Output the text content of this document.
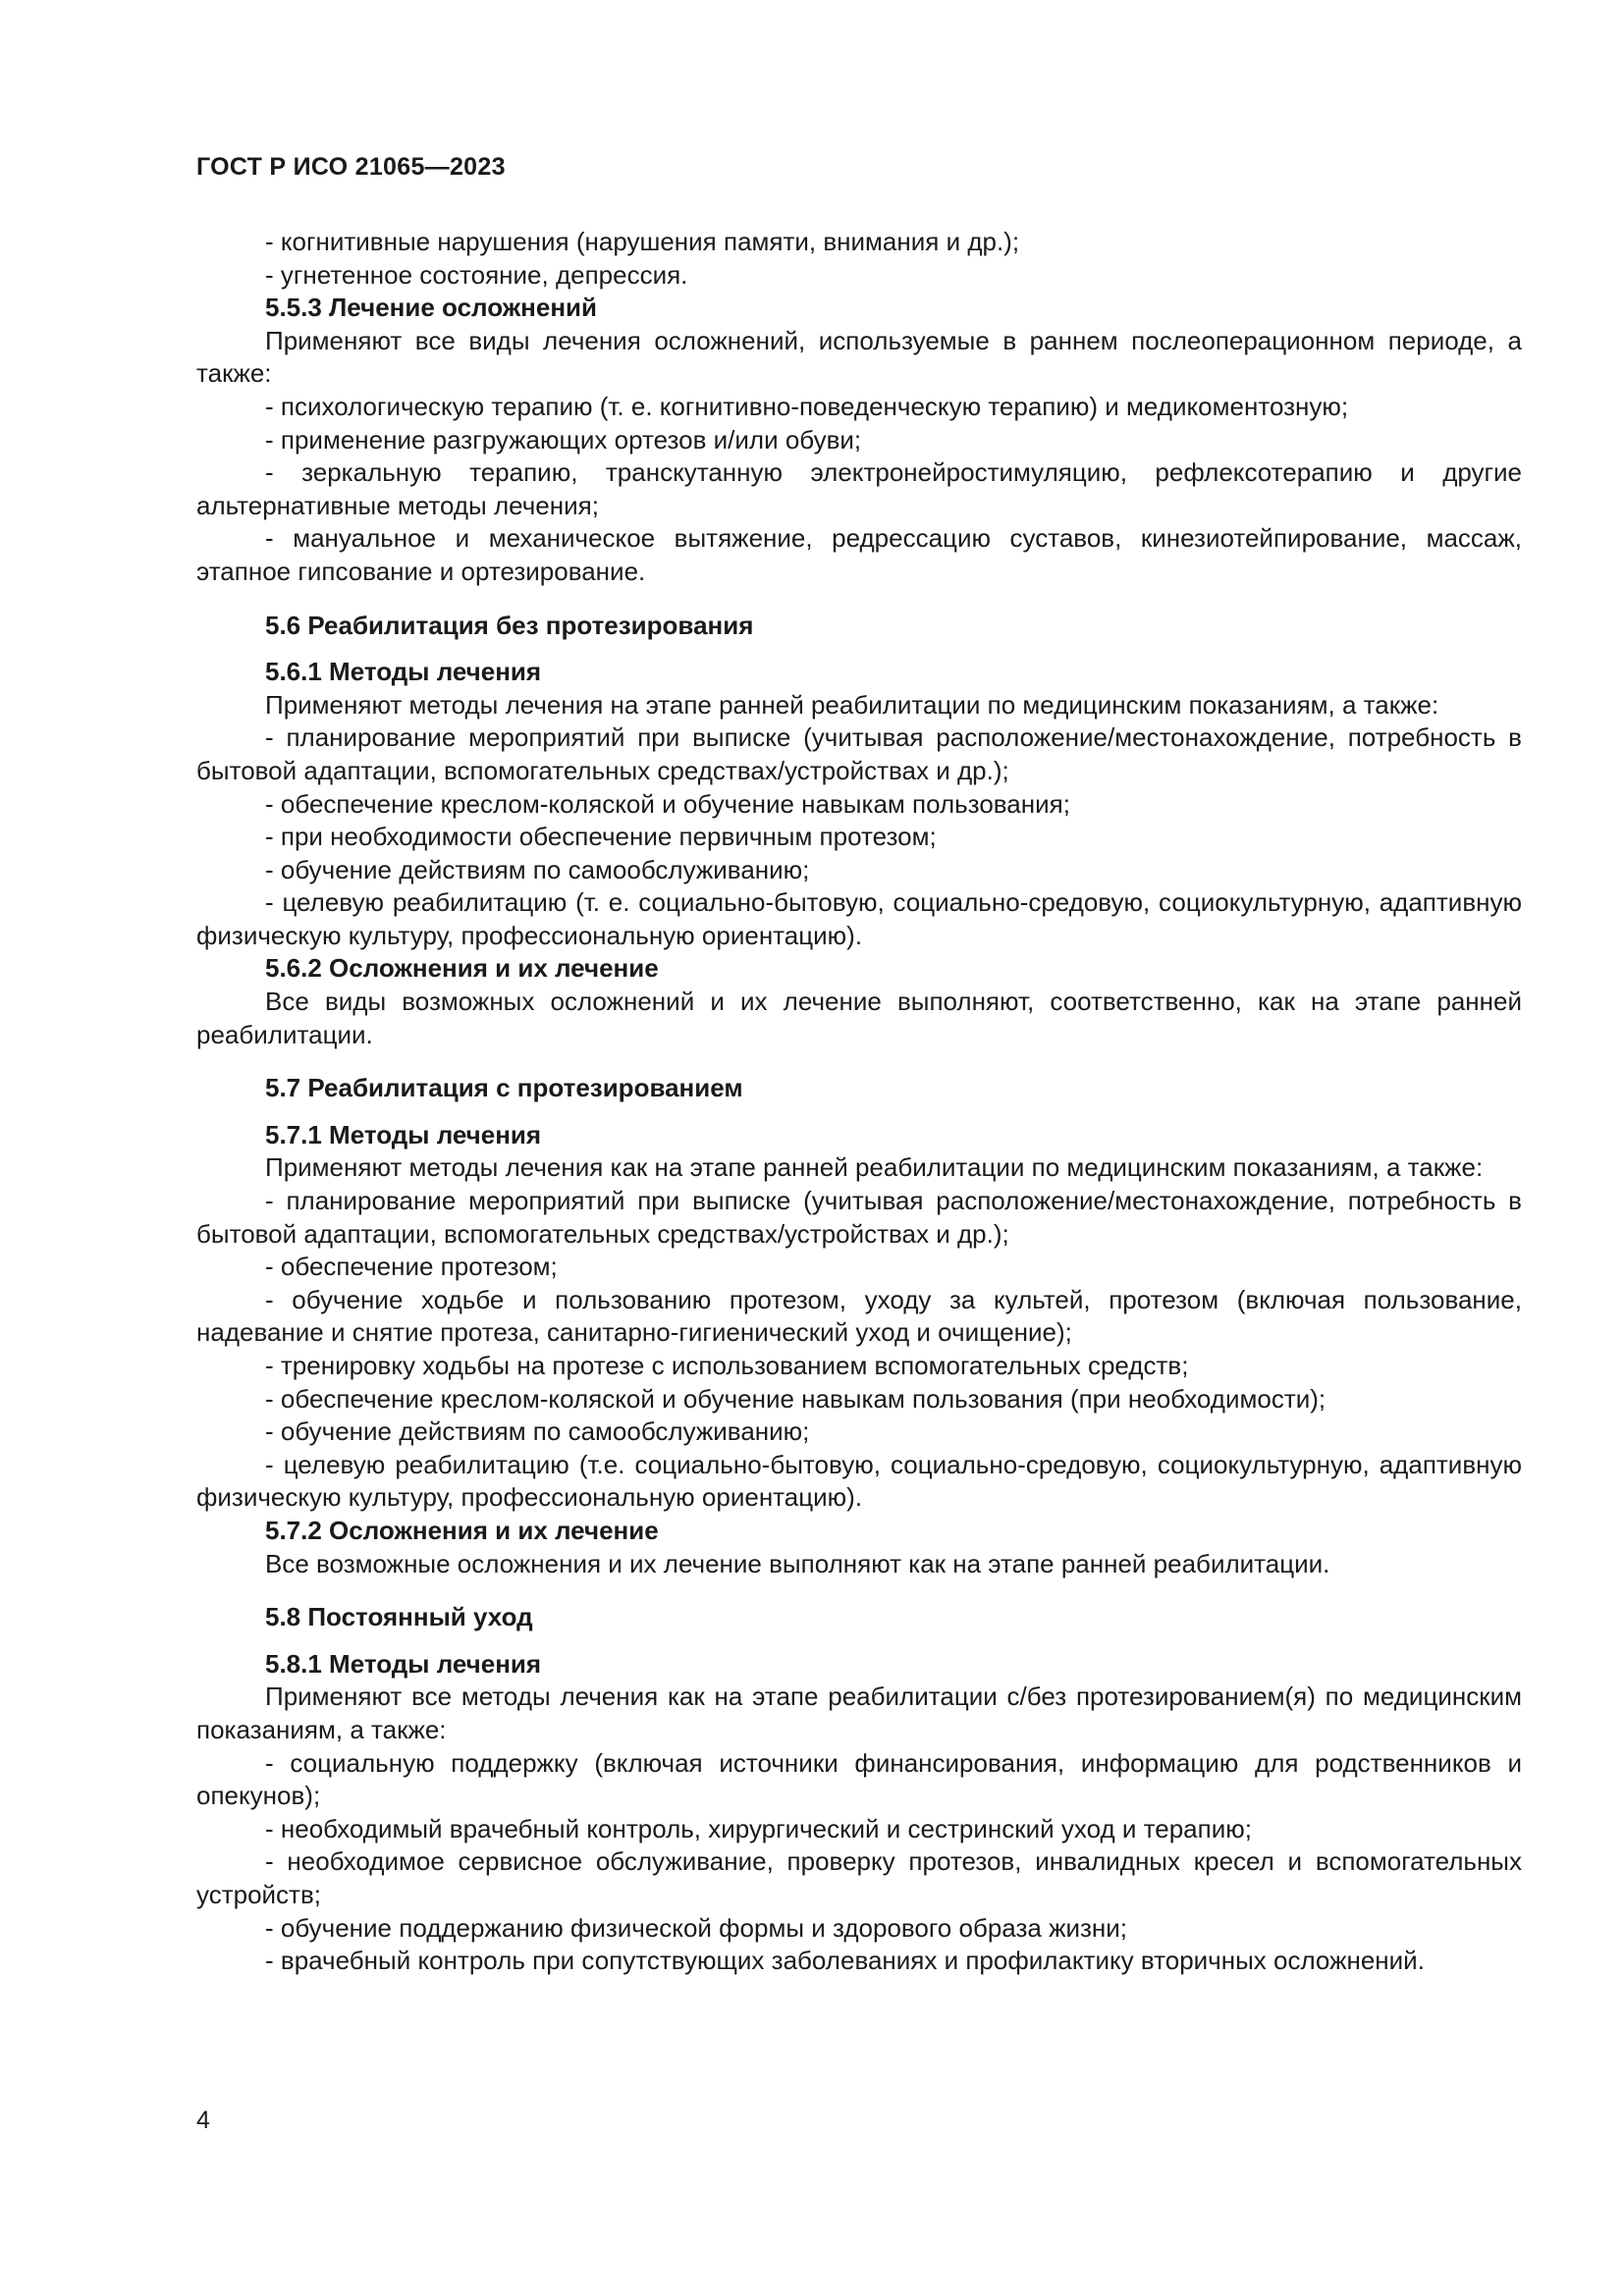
ГОСТ Р ИСО 21065—2023

- когнитивные нарушения (нарушения памяти, внимания и др.);

- угнетенное состояние, депрессия.

5.5.3 Лечение осложнений

Применяют все виды лечения осложнений, используемые в раннем послеоперационном периоде, а также:

- психологическую терапию (т. е. когнитивно-поведенческую терапию) и медикоментозную;

- применение разгружающих ортезов и/или обуви;

- зеркальную терапию, транскутанную электронейростимуляцию, рефлексотерапию и другие альтернативные методы лечения;

- мануальное и механическое вытяжение, редрессацию суставов, кинезиотейпирование, массаж, этапное гипсование и ортезирование.

5.6 Реабилитация без протезирования

5.6.1 Методы лечения

Применяют методы лечения на этапе ранней реабилитации по медицинским показаниям, а также:

- планирование мероприятий при выписке (учитывая расположение/местонахождение, потребность в бытовой адаптации, вспомогательных средствах/устройствах и др.);

- обеспечение креслом-коляской и обучение навыкам пользования;

- при необходимости обеспечение первичным протезом;

- обучение действиям по самообслуживанию;

- целевую реабилитацию (т. е. социально-бытовую, социально-средовую, социокультурную, адаптивную физическую культуру, профессиональную ориентацию).

5.6.2 Осложнения и их лечение

Все виды возможных осложнений и их лечение выполняют, соответственно, как на этапе ранней реабилитации.

5.7 Реабилитация с протезированием

5.7.1 Методы лечения

Применяют методы лечения как на этапе ранней реабилитации по медицинским показаниям, а также:

- планирование мероприятий при выписке (учитывая расположение/местонахождение, потребность в бытовой адаптации, вспомогательных средствах/устройствах и др.);

- обеспечение протезом;

- обучение ходьбе и пользованию протезом, уходу за культей, протезом (включая пользование, надевание и снятие протеза, санитарно-гигиенический уход и очищение);

- тренировку ходьбы на протезе с использованием вспомогательных средств;

- обеспечение креслом-коляской и обучение навыкам пользования (при необходимости);

- обучение действиям по самообслуживанию;

- целевую реабилитацию (т.е. социально-бытовую, социально-средовую, социокультурную, адаптивную физическую культуру, профессиональную ориентацию).

5.7.2 Осложнения и их лечение

Все возможные осложнения и их лечение выполняют как на этапе ранней реабилитации.

5.8 Постоянный уход

5.8.1 Методы лечения

Применяют все методы лечения как на этапе реабилитации с/без протезированием(я) по медицинским показаниям, а также:

- социальную поддержку (включая источники финансирования, информацию для родственников и опекунов);

- необходимый врачебный контроль, хирургический и сестринский уход и терапию;

- необходимое сервисное обслуживание, проверку протезов, инвалидных кресел и вспомогательных устройств;

- обучение поддержанию физической формы и здорового образа жизни;

- врачебный контроль при сопутствующих заболеваниях и профилактику вторичных осложнений.

4
